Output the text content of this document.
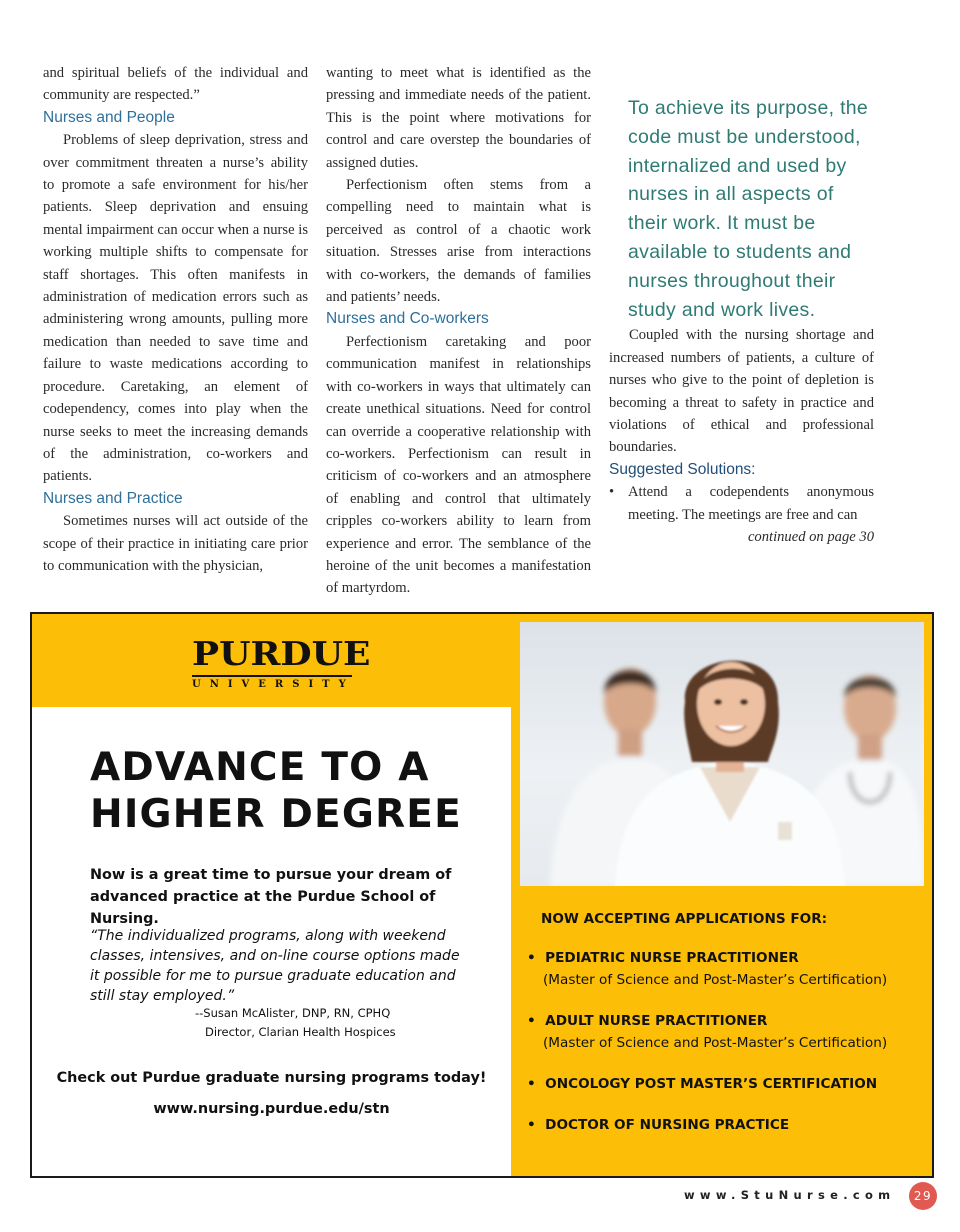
and spiritual beliefs of the individual and community are respected.”

Nurses and People

Problems of sleep deprivation, stress and over commitment threaten a nurse’s ability to promote a safe environment for his/her patients. Sleep deprivation and ensuing mental impairment can occur when a nurse is working multiple shifts to compensate for staff shortages. This often manifests in administration of medication errors such as administering wrong amounts, pulling more medication than needed to save time and failure to waste medications according to procedure. Caretaking, an element of codependency, comes into play when the nurse seeks to meet the increasing demands of the administration, co-workers and patients.

Nurses and Practice

Sometimes nurses will act outside of the scope of their practice in initiating care prior to communication with the physician,

wanting to meet what is identified as the pressing and immediate needs of the patient. This is the point where motivations for control and care overstep the boundaries of assigned duties.

Perfectionism often stems from a compelling need to maintain what is perceived as control of a chaotic work situation. Stresses arise from interactions with co-workers, the demands of families and patients’ needs.

Nurses and Co-workers

Perfectionism caretaking and poor communication manifest in relationships with co-workers in ways that ultimately can create unethical situations. Need for control can override a cooperative relationship with co-workers. Perfectionism can result in criticism of co-workers and an atmosphere of enabling and control that ultimately cripples co-workers ability to learn from experience and error. The semblance of the heroine of the unit becomes a manifestation of martyrdom.

To achieve its purpose, the code must be understood, internalized and used by nurses in all aspects of their work. It must be available to students and nurses throughout their study and work lives.

Coupled with the nursing shortage and increased numbers of patients, a culture of nurses who give to the point of depletion is becoming a threat to safety in practice and violations of ethical and professional boundaries.

Suggested Solutions:

• Attend a codependents anonymous meeting. The meetings are free and can

continued on page 30

PURDUE
UNIVERSITY
ADVANCE TO A
HIGHER DEGREE
Now is a great time to pursue your dream of advanced practice at the Purdue School of Nursing.
“The individualized programs, along with weekend classes, intensives, and on-line course options made it possible for me to pursue graduate education and still stay employed.”
--Susan McAlister, DNP, RN, CPHQ
Director, Clarian Health Hospices
Check out Purdue graduate nursing programs today!
www.nursing.purdue.edu/stn
NOW ACCEPTING APPLICATIONS FOR:
• PEDIATRIC NURSE PRACTITIONER
(Master of Science and Post-Master’s Certification)
• ADULT NURSE PRACTITIONER
(Master of Science and Post-Master’s Certification)
• ONCOLOGY POST MASTER’S CERTIFICATION
• DOCTOR OF NURSING PRACTICE
www.StuNurse.com	29
